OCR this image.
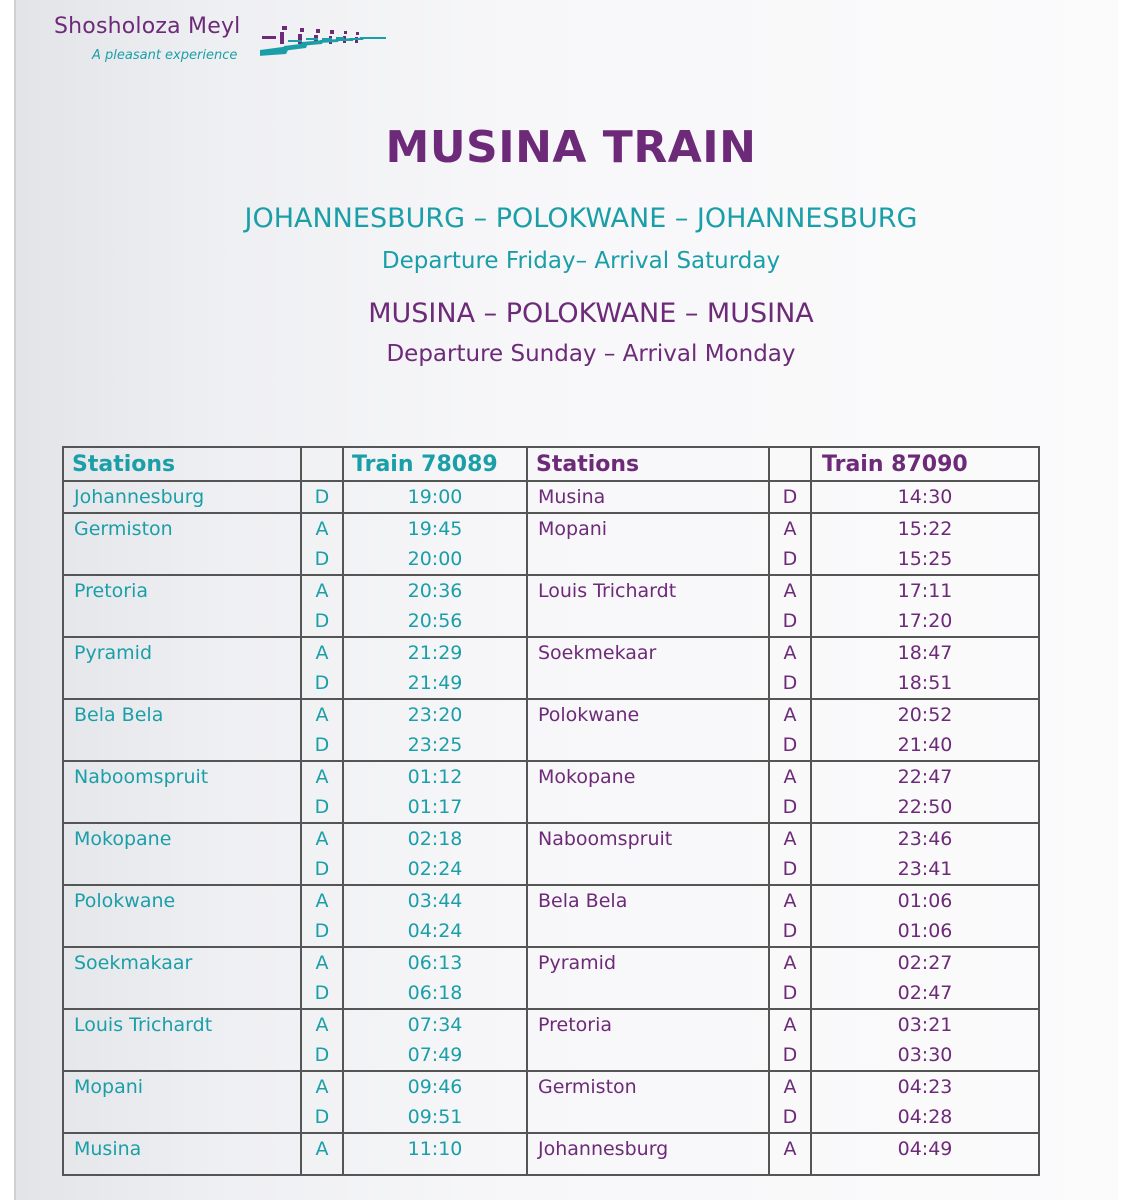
Shosholoza Meyl
A pleasant experience
MUSINA TRAIN
JOHANNESBURG – POLOKWANE – JOHANNESBURG
Departure Friday– Arrival Saturday
MUSINA – POLOKWANE – MUSINA
Departure Sunday – Arrival Monday
Stations		Train 78089	Stations		Train 87090
Johannesburg	D	19:00	Musina	D	14:30
Germiston	A	19:45	Mopani	A	15:22
	D	20:00		D	15:25
Pretoria	A	20:36	Louis Trichardt	A	17:11
	D	20:56		D	17:20
Pyramid	A	21:29	Soekmekaar	A	18:47
	D	21:49		D	18:51
Bela Bela	A	23:20	Polokwane	A	20:52
	D	23:25		D	21:40
Naboomspruit	A	01:12	Mokopane	A	22:47
	D	01:17		D	22:50
Mokopane	A	02:18	Naboomspruit	A	23:46
	D	02:24		D	23:41
Polokwane	A	03:44	Bela Bela	A	01:06
	D	04:24		D	01:06
Soekmakaar	A	06:13	Pyramid	A	02:27
	D	06:18		D	02:47
Louis Trichardt	A	07:34	Pretoria	A	03:21
	D	07:49		D	03:30
Mopani	A	09:46	Germiston	A	04:23
	D	09:51		D	04:28
Musina	A	11:10	Johannesburg	A	04:49
